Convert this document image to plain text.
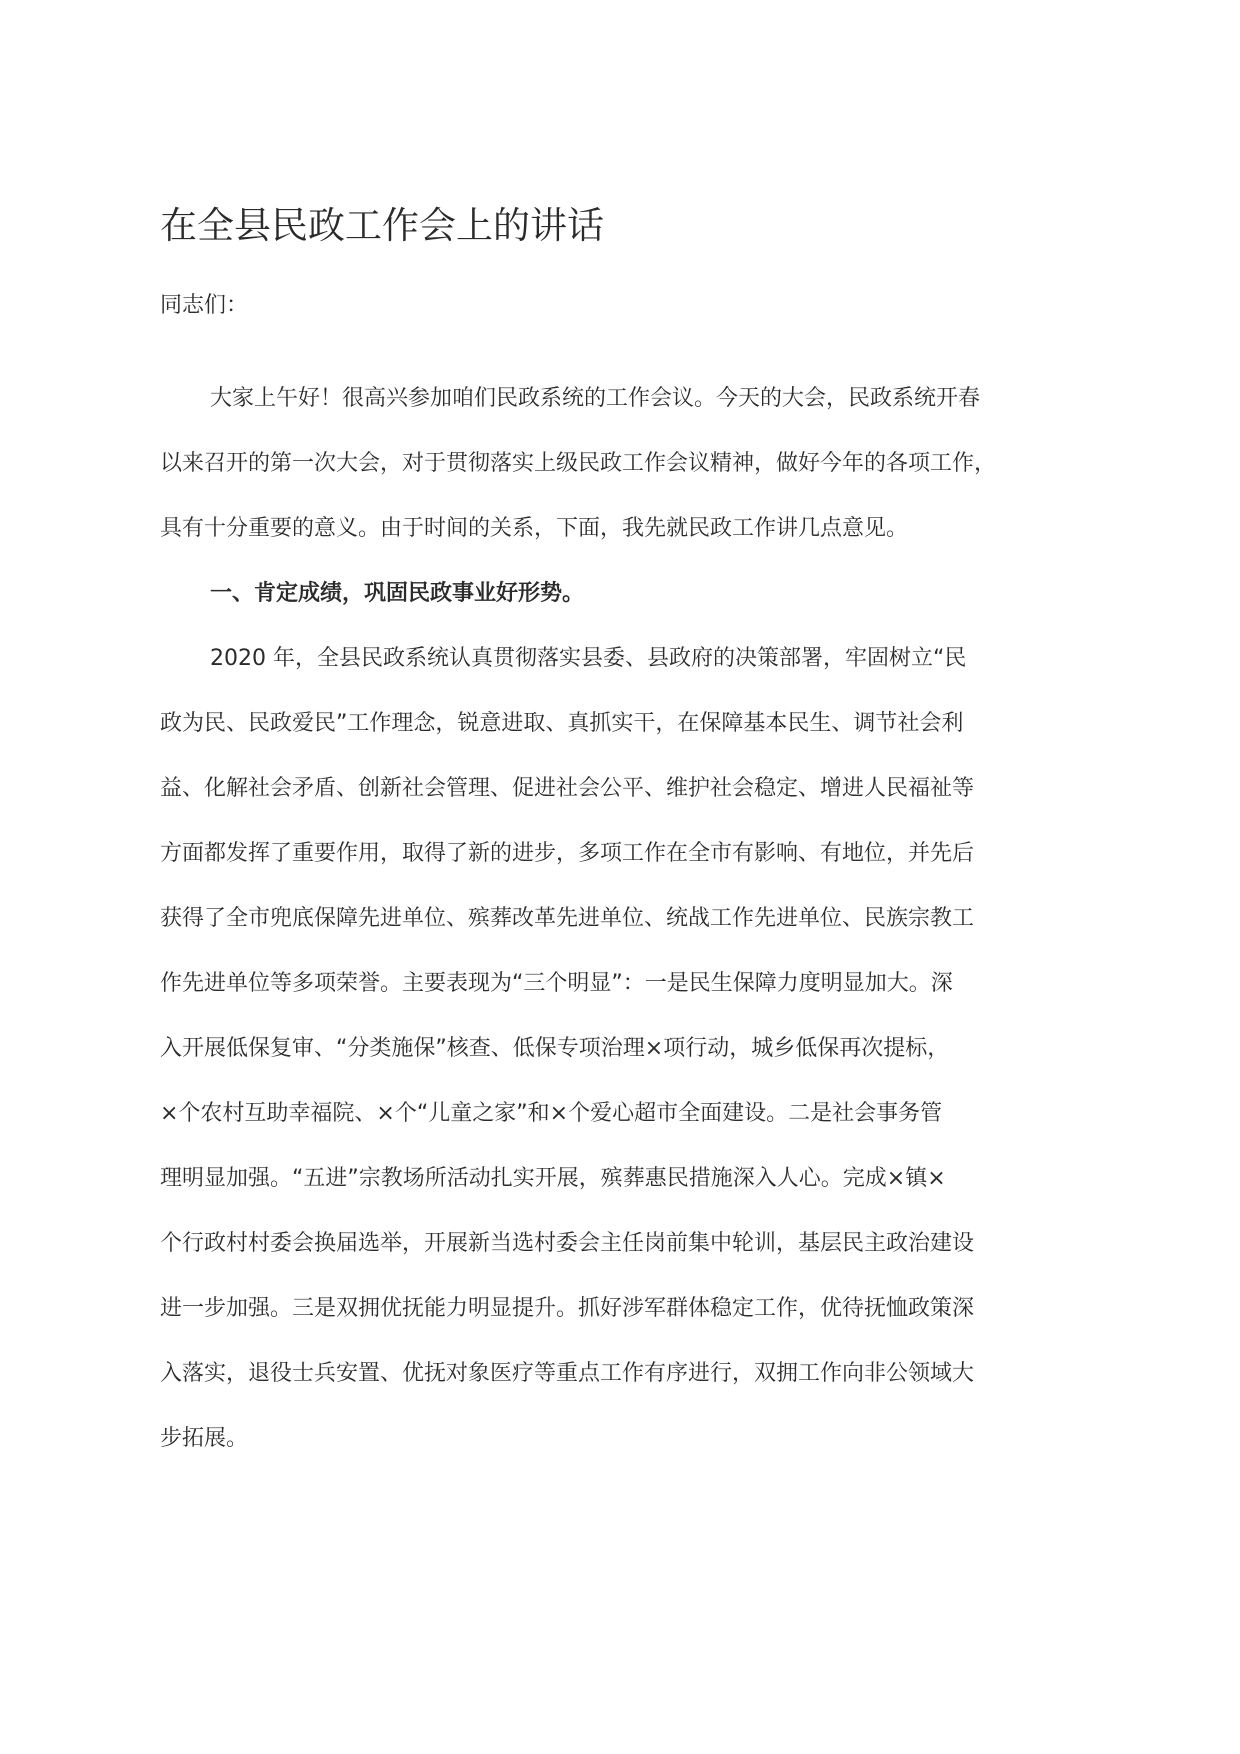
在全县民政工作会上的讲话

同志们：

大家上午好！很高兴参加咱们民政系统的工作会议。今天的大会，民政系统开春
以来召开的第一次大会，对于贯彻落实上级民政工作会议精神，做好今年的各项工作，
具有十分重要的意义。由于时间的关系，下面，我先就民政工作讲几点意见。

一、肯定成绩，巩固民政事业好形势。

2020 年，全县民政系统认真贯彻落实县委、县政府的决策部署，牢固树立“民
政为民、民政爱民”工作理念，锐意进取、真抓实干，在保障基本民生、调节社会利
益、化解社会矛盾、创新社会管理、促进社会公平、维护社会稳定、增进人民福祉等
方面都发挥了重要作用，取得了新的进步，多项工作在全市有影响、有地位，并先后
获得了全市兜底保障先进单位、殡葬改革先进单位、统战工作先进单位、民族宗教工
作先进单位等多项荣誉。主要表现为“三个明显”：一是民生保障力度明显加大。深
入开展低保复审、“分类施保”核查、低保专项治理×项行动，城乡低保再次提标，
×个农村互助幸福院、×个“儿童之家”和×个爱心超市全面建设。二是社会事务管
理明显加强。“五进”宗教场所活动扎实开展，殡葬惠民措施深入人心。完成×镇×
个行政村村委会换届选举，开展新当选村委会主任岗前集中轮训，基层民主政治建设
进一步加强。三是双拥优抚能力明显提升。抓好涉军群体稳定工作，优待抚恤政策深
入落实，退役士兵安置、优抚对象医疗等重点工作有序进行，双拥工作向非公领域大
步拓展。
